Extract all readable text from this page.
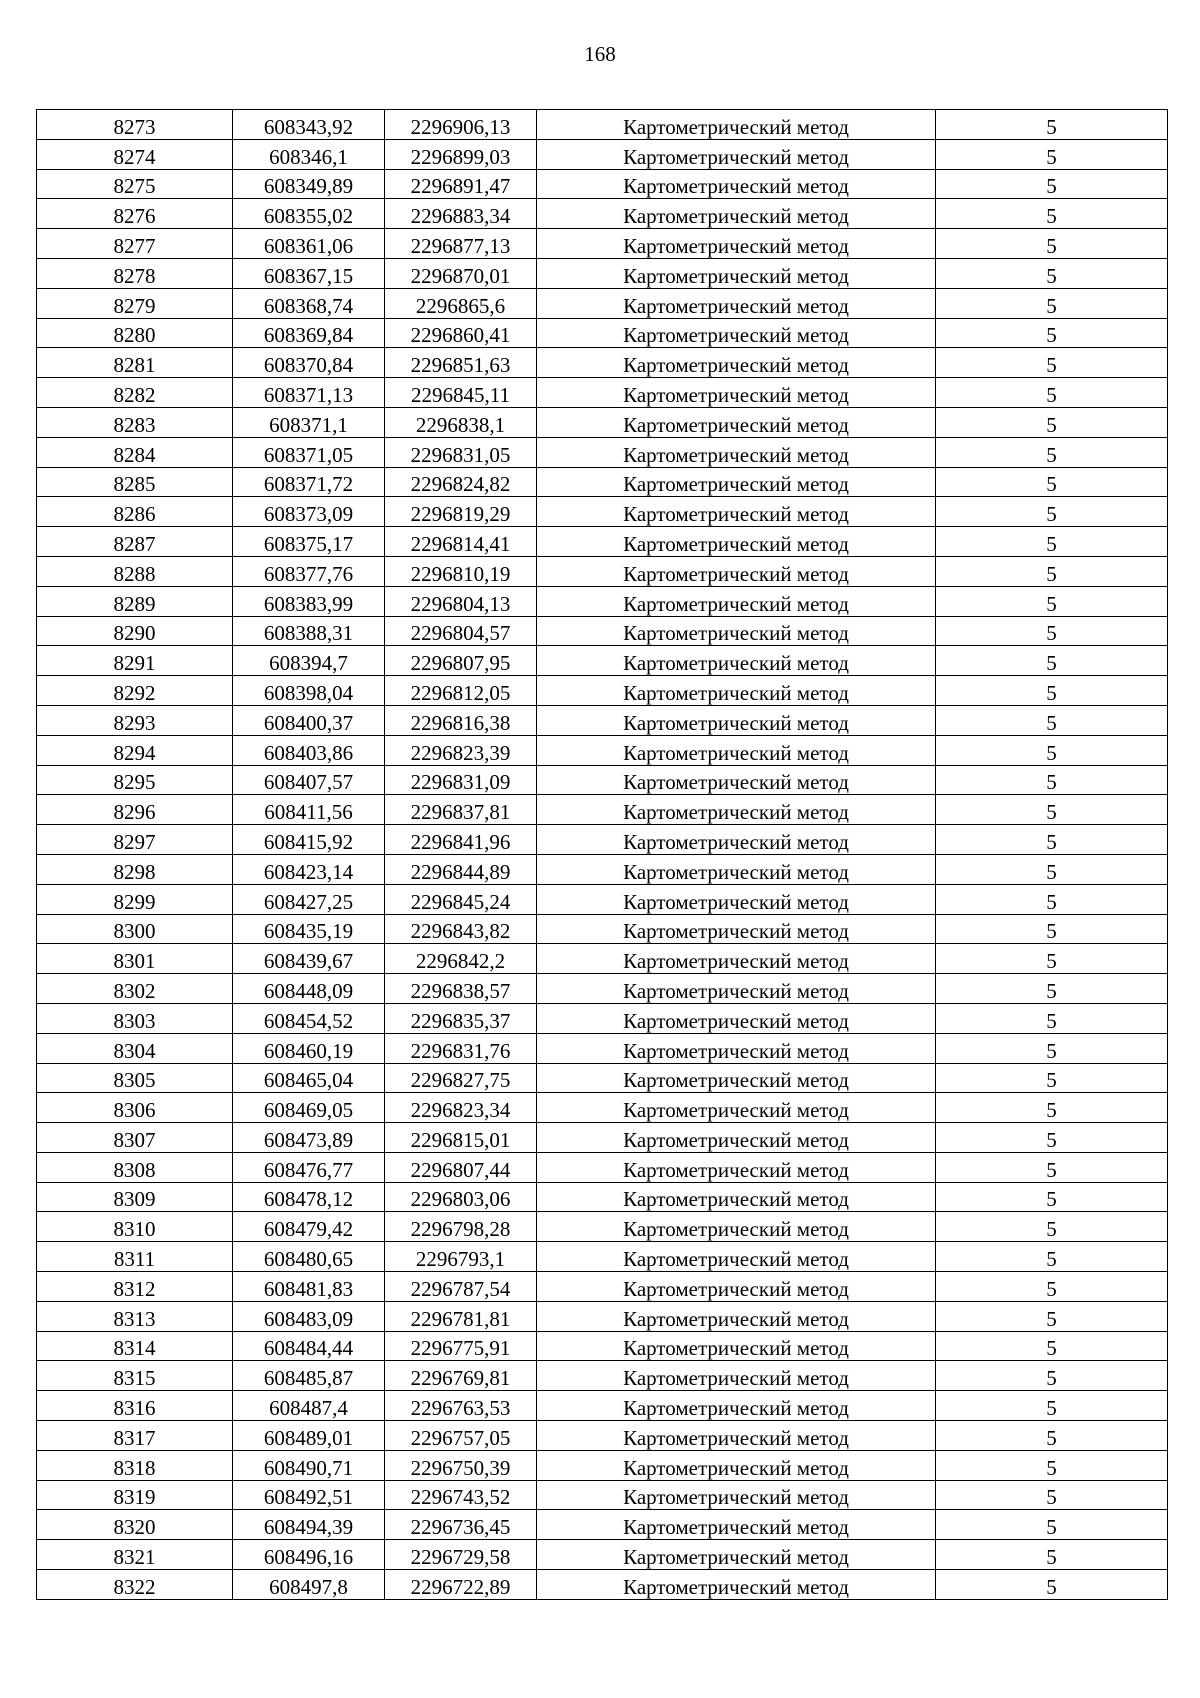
168
8273	608343,92	2296906,13	Картометрический метод	5
8274	608346,1	2296899,03	Картометрический метод	5
8275	608349,89	2296891,47	Картометрический метод	5
8276	608355,02	2296883,34	Картометрический метод	5
8277	608361,06	2296877,13	Картометрический метод	5
8278	608367,15	2296870,01	Картометрический метод	5
8279	608368,74	2296865,6	Картометрический метод	5
8280	608369,84	2296860,41	Картометрический метод	5
8281	608370,84	2296851,63	Картометрический метод	5
8282	608371,13	2296845,11	Картометрический метод	5
8283	608371,1	2296838,1	Картометрический метод	5
8284	608371,05	2296831,05	Картометрический метод	5
8285	608371,72	2296824,82	Картометрический метод	5
8286	608373,09	2296819,29	Картометрический метод	5
8287	608375,17	2296814,41	Картометрический метод	5
8288	608377,76	2296810,19	Картометрический метод	5
8289	608383,99	2296804,13	Картометрический метод	5
8290	608388,31	2296804,57	Картометрический метод	5
8291	608394,7	2296807,95	Картометрический метод	5
8292	608398,04	2296812,05	Картометрический метод	5
8293	608400,37	2296816,38	Картометрический метод	5
8294	608403,86	2296823,39	Картометрический метод	5
8295	608407,57	2296831,09	Картометрический метод	5
8296	608411,56	2296837,81	Картометрический метод	5
8297	608415,92	2296841,96	Картометрический метод	5
8298	608423,14	2296844,89	Картометрический метод	5
8299	608427,25	2296845,24	Картометрический метод	5
8300	608435,19	2296843,82	Картометрический метод	5
8301	608439,67	2296842,2	Картометрический метод	5
8302	608448,09	2296838,57	Картометрический метод	5
8303	608454,52	2296835,37	Картометрический метод	5
8304	608460,19	2296831,76	Картометрический метод	5
8305	608465,04	2296827,75	Картометрический метод	5
8306	608469,05	2296823,34	Картометрический метод	5
8307	608473,89	2296815,01	Картометрический метод	5
8308	608476,77	2296807,44	Картометрический метод	5
8309	608478,12	2296803,06	Картометрический метод	5
8310	608479,42	2296798,28	Картометрический метод	5
8311	608480,65	2296793,1	Картометрический метод	5
8312	608481,83	2296787,54	Картометрический метод	5
8313	608483,09	2296781,81	Картометрический метод	5
8314	608484,44	2296775,91	Картометрический метод	5
8315	608485,87	2296769,81	Картометрический метод	5
8316	608487,4	2296763,53	Картометрический метод	5
8317	608489,01	2296757,05	Картометрический метод	5
8318	608490,71	2296750,39	Картометрический метод	5
8319	608492,51	2296743,52	Картометрический метод	5
8320	608494,39	2296736,45	Картометрический метод	5
8321	608496,16	2296729,58	Картометрический метод	5
8322	608497,8	2296722,89	Картометрический метод	5
